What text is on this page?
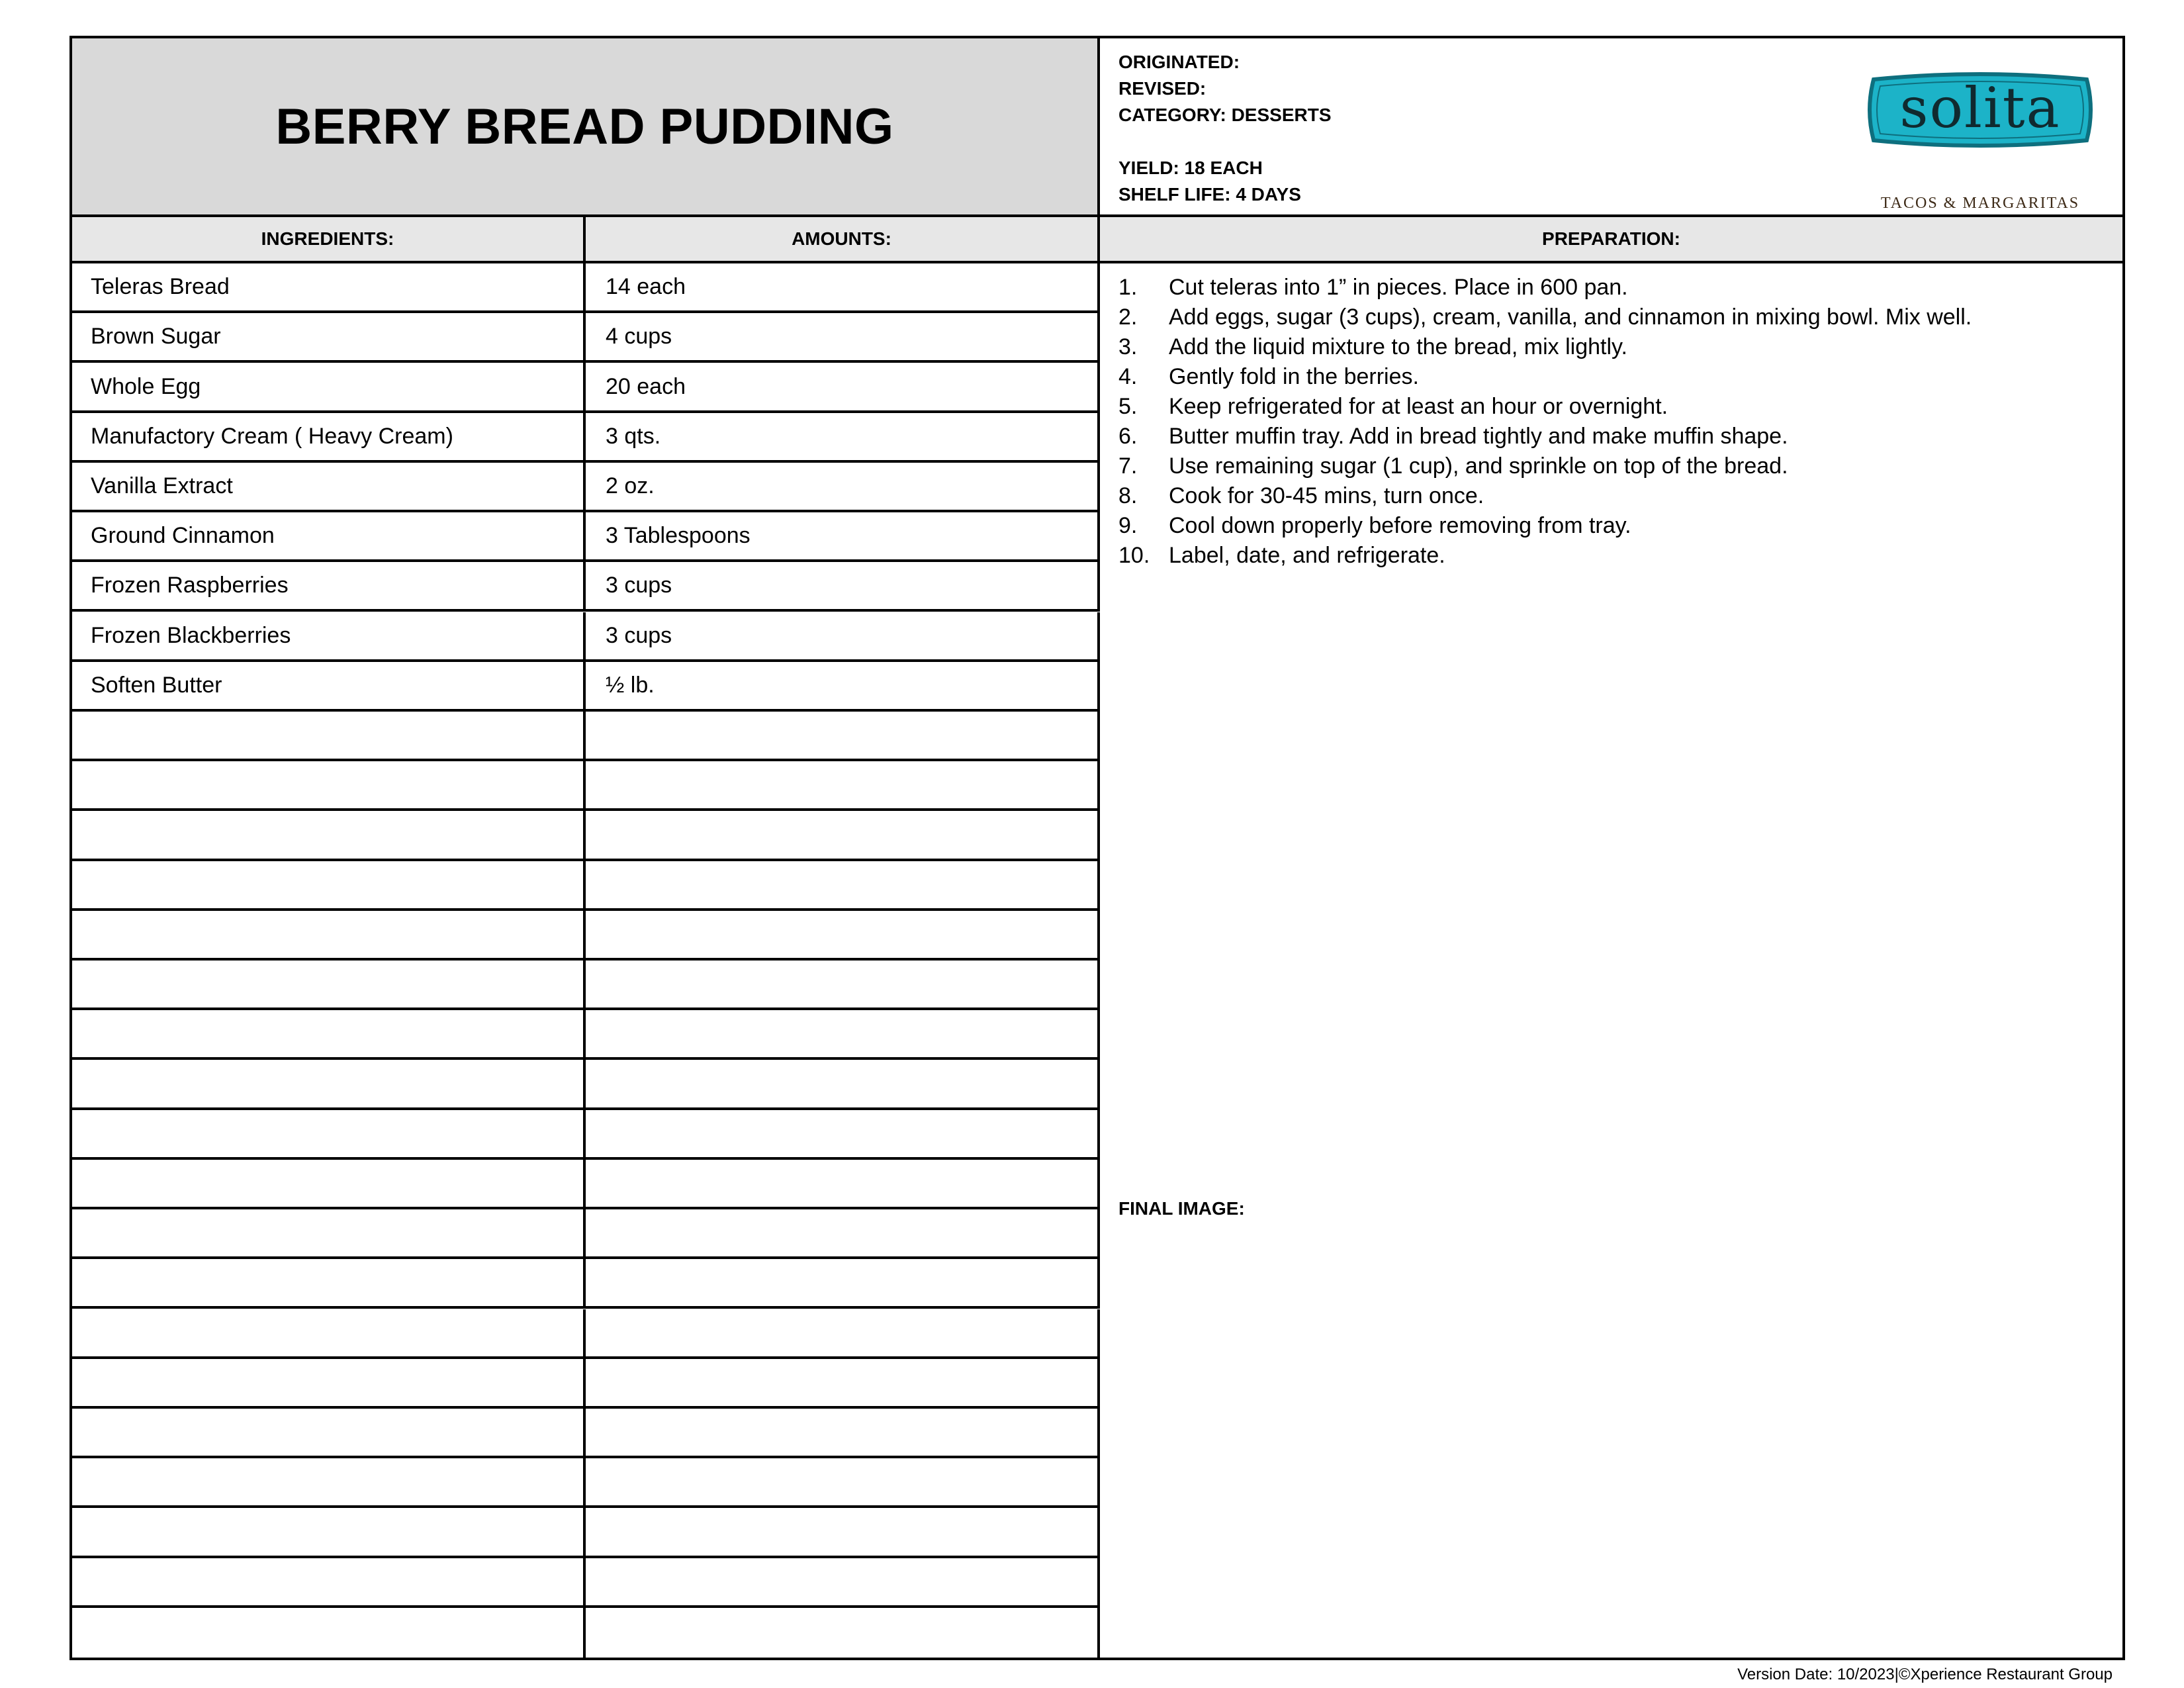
BERRY BREAD PUDDING
ORIGINATED:
REVISED:
CATEGORY: DESSERTS
YIELD: 18 EACH
SHELF LIFE: 4 DAYS
solita
TACOS & MARGARITAS
INGREDIENTS:	AMOUNTS:	PREPARATION:
Teleras Bread	14 each
Brown Sugar	4 cups
Whole Egg	20 each
Manufactory Cream ( Heavy Cream)	3 qts.
Vanilla Extract	2 oz.
Ground Cinnamon	3 Tablespoons
Frozen Raspberries	3 cups
Frozen Blackberries	3 cups
Soften Butter	½ lb.
1.	Cut teleras into 1” in pieces. Place in 600 pan.
2.	Add eggs, sugar (3 cups), cream, vanilla, and cinnamon in mixing bowl. Mix well.
3.	Add the liquid mixture to the bread, mix lightly.
4.	Gently fold in the berries.
5.	Keep refrigerated for at least an hour or overnight.
6.	Butter muffin tray. Add in bread tightly and make muffin shape.
7.	Use remaining sugar (1 cup), and sprinkle on top of the bread.
8.	Cook for 30-45 mins, turn once.
9.	Cool down properly before removing from tray.
10. Label, date, and refrigerate.
FINAL IMAGE:
Version Date: 10/2023|©Xperience Restaurant Group
